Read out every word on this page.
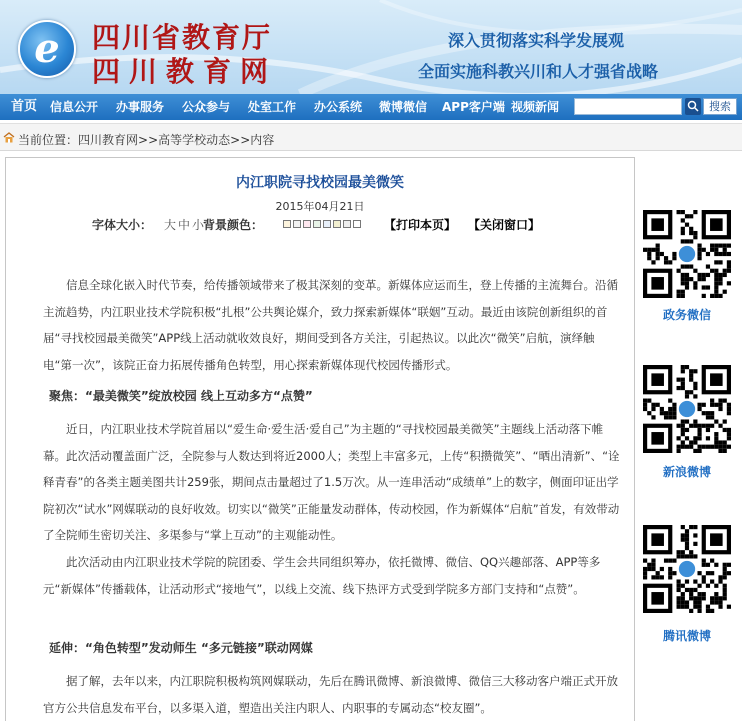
e	四川省教育厅
四川教育网
深入贯彻落实科学发展观
全面实施科教兴川和人才强省战略
首页 信息公开 办事服务 公众参与 处室工作 办公系统 微博微信 APP客户端 视频新闻	搜索
当前位置：四川教育网>>高等学校动态>>内容
内江职院寻找校园最美微笑
2015年04月21日
字体大小： 大 中 小
背景颜色：	【打印本页】 【关闭窗口】
信息全球化嵌入时代节奏，给传播领域带来了极其深刻的变革。新媒体应运而生，登上传播的主流舞台。沿循主流趋势，内江职业技术学院积极“扎根”公共舆论媒介，致力探索新媒体“联姻”互动。最近由该院创新组织的首届“寻找校园最美微笑”APP线上活动就收效良好，期间受到各方关注，引起热议。以此次“微笑”启航，演绎触电“第一次”，该院正奋力拓展传播角色转型，用心探索新媒体现代校园传播形式。
聚焦：“最美微笑”绽放校园 线上互动多方“点赞”
近日，内江职业技术学院首届以“爱生命·爱生活·爱自己”为主题的“寻找校园最美微笑”主题线上活动落下帷幕。此次活动覆盖面广泛，全院参与人数达到将近2000人；类型上丰富多元，上传“积攒微笑”、“晒出清新”、“诠释青春”的各类主题美图共计259张，期间点击量超过了1.5万次。从一连串活动“成绩单”上的数字，侧面印证出学院初次“试水”网媒联动的良好收效。切实以“微笑”正能量发动群体，传动校园，作为新媒体“启航”首发，有效带动了全院师生密切关注、多渠参与“掌上互动”的主观能动性。
此次活动由内江职业技术学院的院团委、学生会共同组织筹办，依托微博、微信、QQ兴趣部落、APP等多元“新媒体”传播载体，让活动形式“接地气”，以线上交流、线下热评方式受到学院多方部门支持和“点赞”。
延伸：“角色转型”发动师生 “多元链接”联动网媒
据了解，去年以来，内江职院积极构筑网媒联动，先后在腾讯微博、新浪微博、微信三大移动客户端正式开放官方公共信息发布平台，以多渠入道，塑造出关注内职人、内职事的专属动态“校友圈”。
政务微信
新浪微博
腾讯微博
